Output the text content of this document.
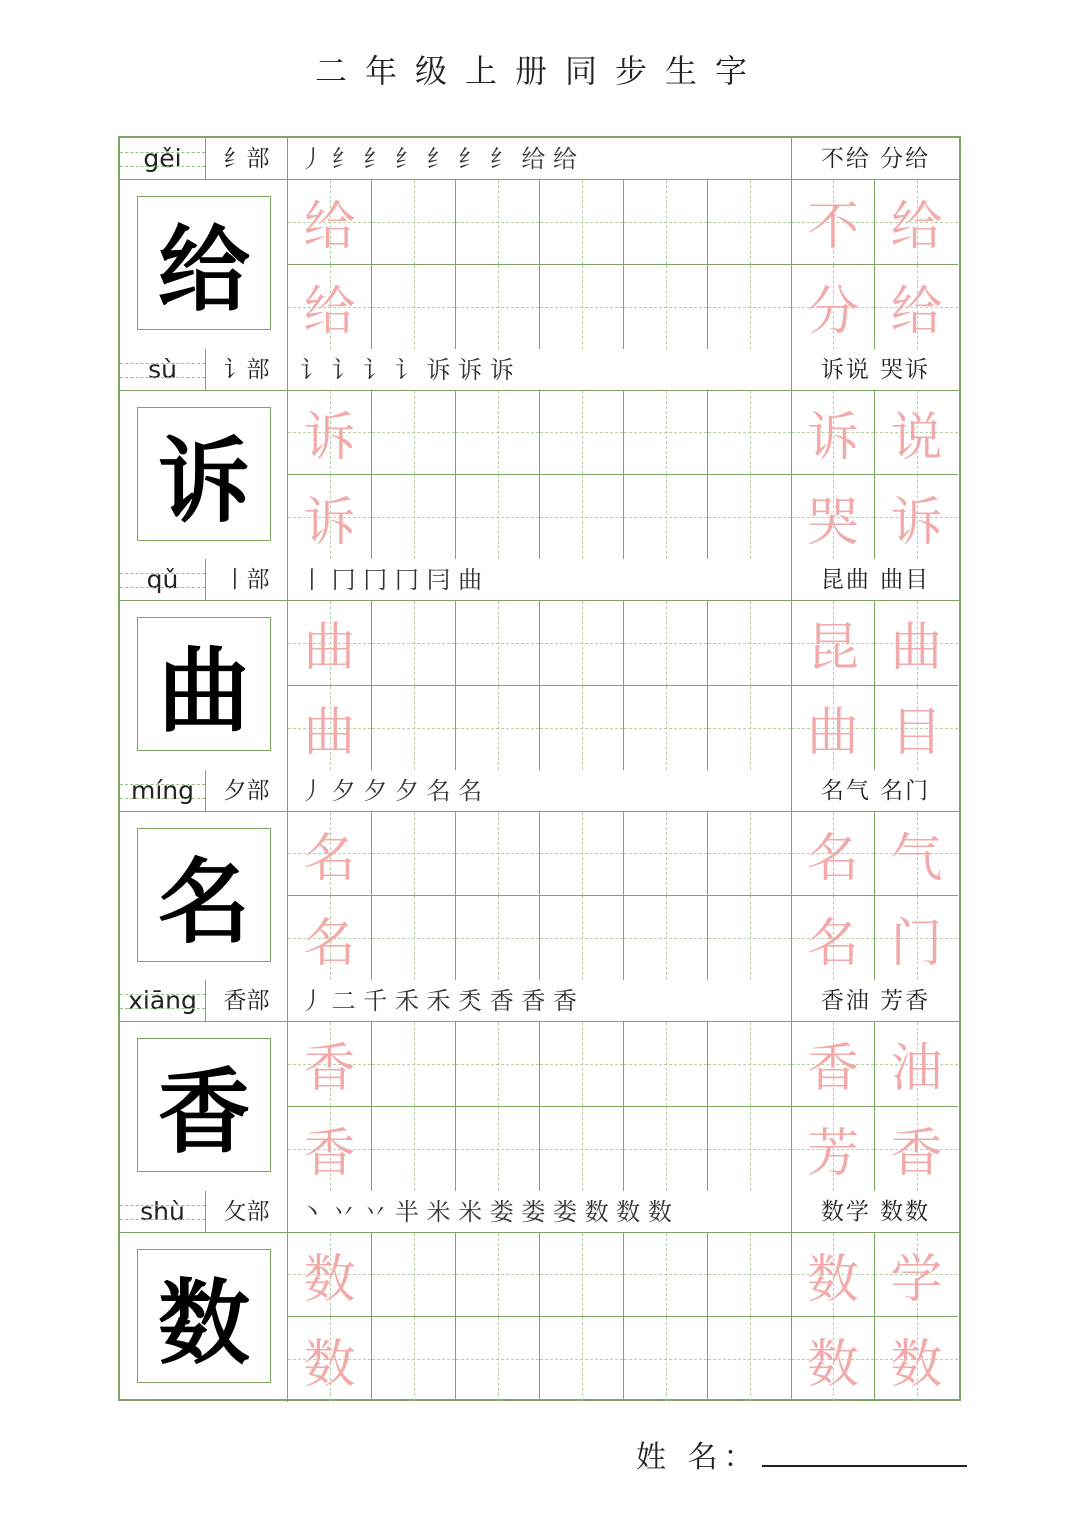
二年级上册同步生字
gěi	纟部	丿 纟 纟 纟 纟 纟 纟 给 给	不给 分给
给	给	不 给
给	分 给
sù	讠部	讠 讠 讠 讠 诉 诉 诉	诉说 哭诉
诉	诉	诉 说
诉	哭 诉
qǔ	丨部	丨 冂 冂 冂 冃 曲	昆曲 曲目
曲	曲	昆 曲
曲	曲 目
míng	夕部	丿 夕 夕 夕 名 名	名气 名门
名	名	名 气
名	名 门
xiāng	香部	丿 二 千 禾 禾 秂 香 香 香	香油 芳香
香	香	香 油
香	芳 香
shù	攵部	丶 丷 丷 半 米 米 娄 娄 娄 数 数 数	数学 数数
数	数	数 学
数	数 数
姓 名：
